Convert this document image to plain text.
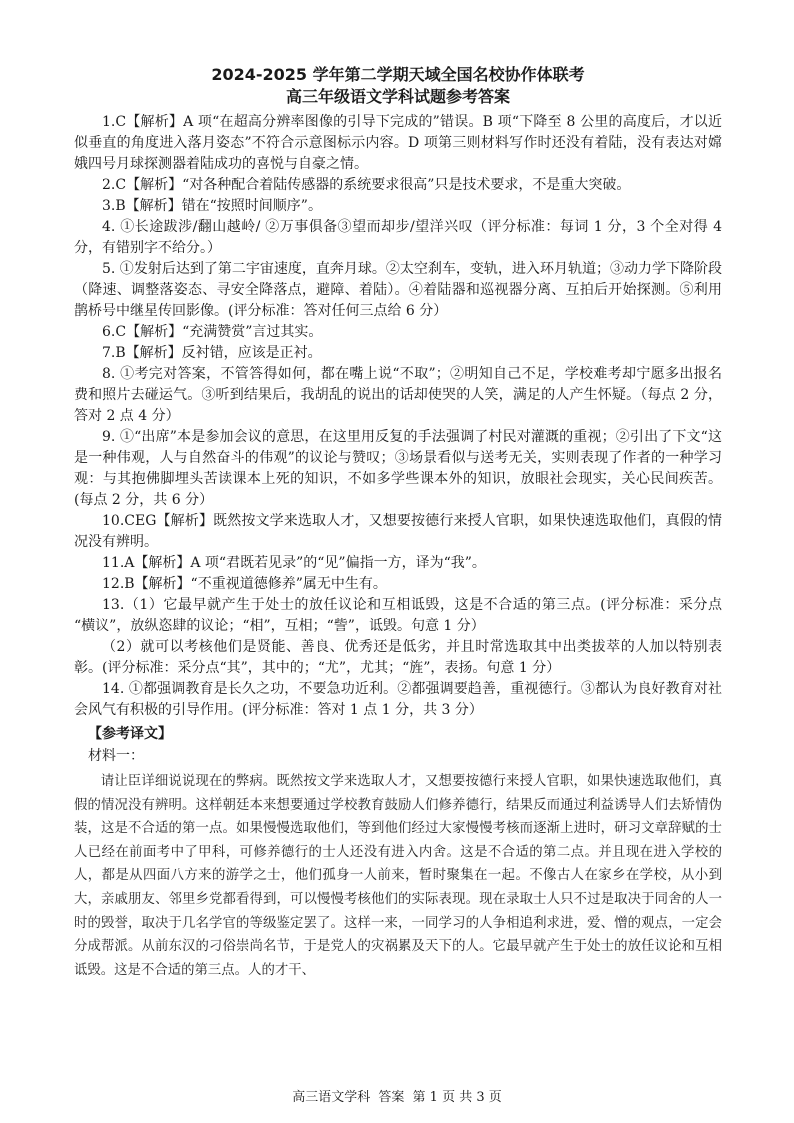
2024-2025 学年第二学期天域全国名校协作体联考

高三年级语文学科试题参考答案

1.C【解析】A 项“在超高分辨率图像的引导下完成的”错误。B 项“下降至 8 公里的高度后，才以近似垂直的角度进入落月姿态”不符合示意图标示内容。D 项第三则材料写作时还没有着陆，没有表达对嫦娥四号月球探测器着陆成功的喜悦与自豪之情。

2.C【解析】“对各种配合着陆传感器的系统要求很高”只是技术要求，不是重大突破。

3.B【解析】错在“按照时间顺序”。

4. ①长途跋涉/翻山越岭/ ②万事俱备③望而却步/望洋兴叹（评分标准：每词 1 分，3 个全对得 4 分，有错别字不给分。）

5. ①发射后达到了第二宇宙速度，直奔月球。②太空刹车，变轨，进入环月轨道；③动力学下降阶段（降速、调整落姿态、寻安全降落点，避障、着陆）。④着陆器和巡视器分离、互拍后开始探测。⑤利用鹊桥号中继星传回影像。(评分标准：答对任何三点给 6 分）

6.C【解析】“充满赞赏”言过其实。

7.B【解析】反衬错，应该是正衬。

8. ①考完对答案，不管答得如何，都在嘴上说“不取”；②明知自己不足，学校难考却宁愿多出报名费和照片去碰运气。③听到结果后，我胡乱的说出的话却使哭的人笑，满足的人产生怀疑。（每点 2 分，答对 2 点 4 分）

9. ①“出席”本是参加会议的意思，在这里用反复的手法强调了村民对灌溉的重视；②引出了下文“这是一种伟观，人与自然奋斗的伟观”的议论与赞叹；③场景看似与送考无关，实则表现了作者的一种学习观：与其抱佛脚埋头苦读课本上死的知识，不如多学些课本外的知识，放眼社会现实，关心民间疾苦。(每点 2 分，共 6 分）

10.CEG【解析】既然按文学来选取人才，又想要按德行来授人官职，如果快速选取他们，真假的情况没有辨明。

11.A【解析】A 项“君既若见录”的“见”偏指一方，译为“我”。

12.B【解析】“不重视道德修养”属无中生有。

13.（1）它最早就产生于处士的放任议论和互相诋毁，这是不合适的第三点。(评分标准：采分点 “横议”，放纵恣肆的议论；“相”，互相；“訾”，诋毁。句意 1 分）

（2）就可以考核他们是贤能、善良、优秀还是低劣，并且时常选取其中出类拔萃的人加以特别表彰。(评分标准：采分点“其”，其中的；“尤”，尤其；“旌”，表扬。句意 1 分）

14. ①都强调教育是长久之功，不要急功近利。②都强调要趋善，重视德行。③都认为良好教育对社会风气有积极的引导作用。(评分标准：答对 1 点 1 分，共 3 分）

【参考译文】

材料一：

请让臣详细说说现在的弊病。既然按文学来选取人才，又想要按德行来授人官职，如果快速选取他们，真假的情况没有辨明。这样朝廷本来想要通过学校教育鼓励人们修养德行，结果反而通过利益诱导人们去矫情伪装，这是不合适的第一点。如果慢慢选取他们，等到他们经过大家慢慢考核而逐渐上进时，研习文章辞赋的士人已经在前面考中了甲科，可修养德行的士人还没有进入内舍。这是不合适的第二点。并且现在进入学校的人，都是从四面八方来的游学之士，他们孤身一人前来，暂时聚集在一起。不像古人在家乡在学校，从小到大，亲戚朋友、邻里乡党都看得到，可以慢慢考核他们的实际表现。现在录取士人只不过是取决于同舍的人一时的毁誉，取决于几名学官的等级鉴定罢了。这样一来，一同学习的人争相追利求进，爱、憎的观点，一定会分成帮派。从前东汉的刁俗崇尚名节，于是党人的灾祸累及天下的人。它最早就产生于处士的放任议论和互相诋毁。这是不合适的第三点。人的才干、

高三语文学科 答案 第 1 页 共 3 页
